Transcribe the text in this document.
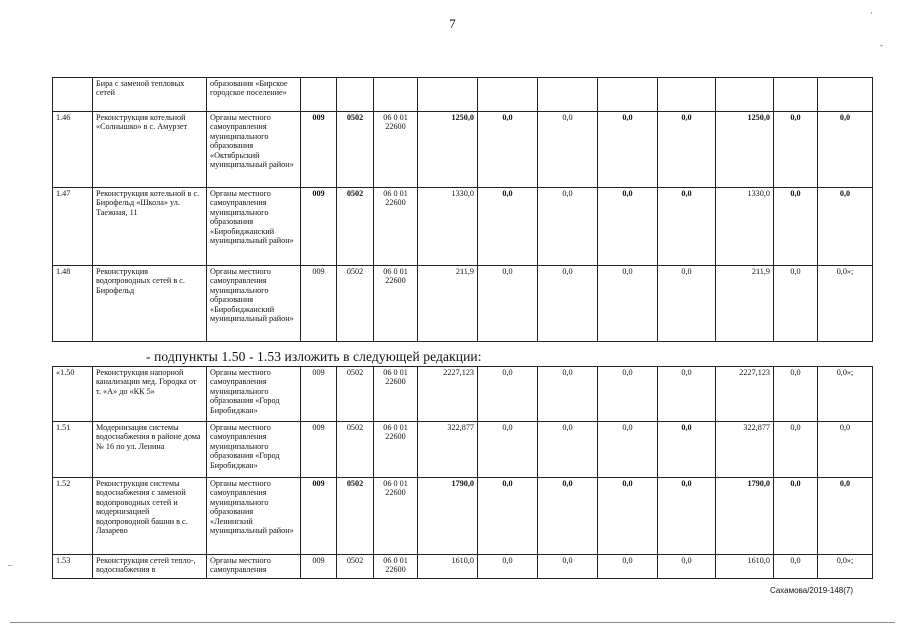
7
·
-
–
	Бира с заменой тепловых сетей	образования «Бирское городское поселение»											
1.46	Реконструкция котельной «Солнышко» в с. Амурзет	Органы местного самоуправления муниципального образования «Октябрьский муниципальный район»	009	0502	06 0 01 22600	1250,0	0,0	0,0	0,0	0,0	1250,0	0,0	0,0
1.47	Реконструкция котельной в с. Бирофельд «Школа» ул. Таежная, 11	Органы местного самоуправления муниципального образования «Биробиджанский муниципальный район»	009	0502	06 0 01 22600	1330,0	0,0	0,0	0,0	0,0	1330,0	0,0	0,0
1.48	Реконструкция водопроводных сетей в с. Бирофельд	Органы местного самоуправления муниципального образования «Биробиджанский муниципальный район»	009	0502	06 0 01 22600	211,9	0,0	0,0	0,0	0,0	211,9	0,0	0,0»;
- подпункты 1.50 - 1.53 изложить в следующей редакции:
«1.50	Реконструкция напорной канализации мед. Городка от т. «А» до «КК 5»	Органы местного самоуправления муниципального образования «Город Биробиджан»	009	0502	06 0 01 22600	2227,123	0,0	0,0	0,0	0,0	2227,123	0,0	0,0»;
1.51	Модернизация системы водоснабжения в районе дома № 16 по ул. Ленина	Органы местного самоуправления муниципального образования «Город Биробиджан»	009	0502	06 0 01 22600	322,877	0,0	0,0	0,0	0,0	322,877	0,0	0,0
1.52	Реконструкция системы водоснабжения с заменой водопроводных сетей и модернизацией водопроводной башни в с. Лазарево	Органы местного самоуправления муниципального образования «Ленинский муниципальный район»	009	0502	06 0 01 22600	1790,0	0,0	0,0	0,0	0,0	1790,0	0,0	0,0
1.53	Реконструкция сетей тепло-, водоснабжения в	Органы местного самоуправления	009	0502	06 0 01 22600	1610,0	0,0	0,0	0,0	0,0	1610,0	0,0	0,0»;
Сахамова/2019-148(7)
